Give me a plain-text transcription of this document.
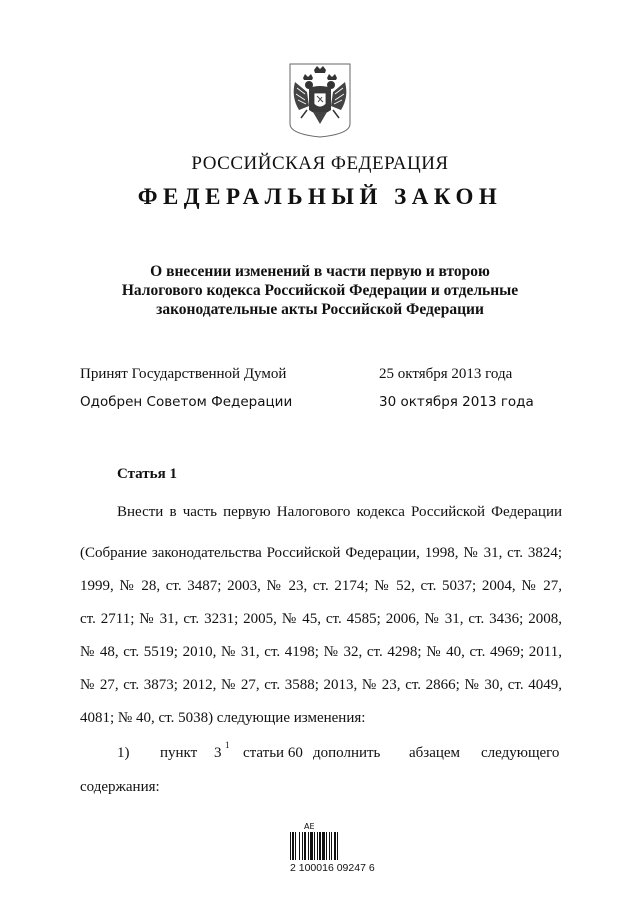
РОССИЙСКАЯ ФЕДЕРАЦИЯ
ФЕДЕРАЛЬНЫЙ ЗАКОН
О внесении изменений в части первую и второю
Налогового кодекса Российской Федерации и отдельные
законодательные акты Российской Федерации
Принят Государственной Думой	25 октября 2013 года
Одобрен Советом Федерации	30 октября 2013 года
Статья 1
Внести в часть первую Налогового кодекса Российской Федерации
(Собрание законодательства Российской Федерации, 1998, № 31, ст. 3824;
1999, № 28, ст. 3487; 2003, № 23, ст. 2174; № 52, ст. 5037; 2004, № 27,
ст. 2711; № 31, ст. 3231; 2005, № 45, ст. 4585; 2006, № 31, ст. 3436; 2008,
№ 48, ст. 5519; 2010, № 31, ст. 4198; № 32, ст. 4298; № 40, ст. 4969; 2011,
№ 27, ст. 3873; 2012, № 27, ст. 3588; 2013, № 23, ст. 2866; № 30, ст. 4049,
4081; № 40, ст. 5038) следующие изменения:
1) пункт 3 1 статьи 60 дополнить абзацем следующего
содержания:
АЕ
2 100016 09247 6
